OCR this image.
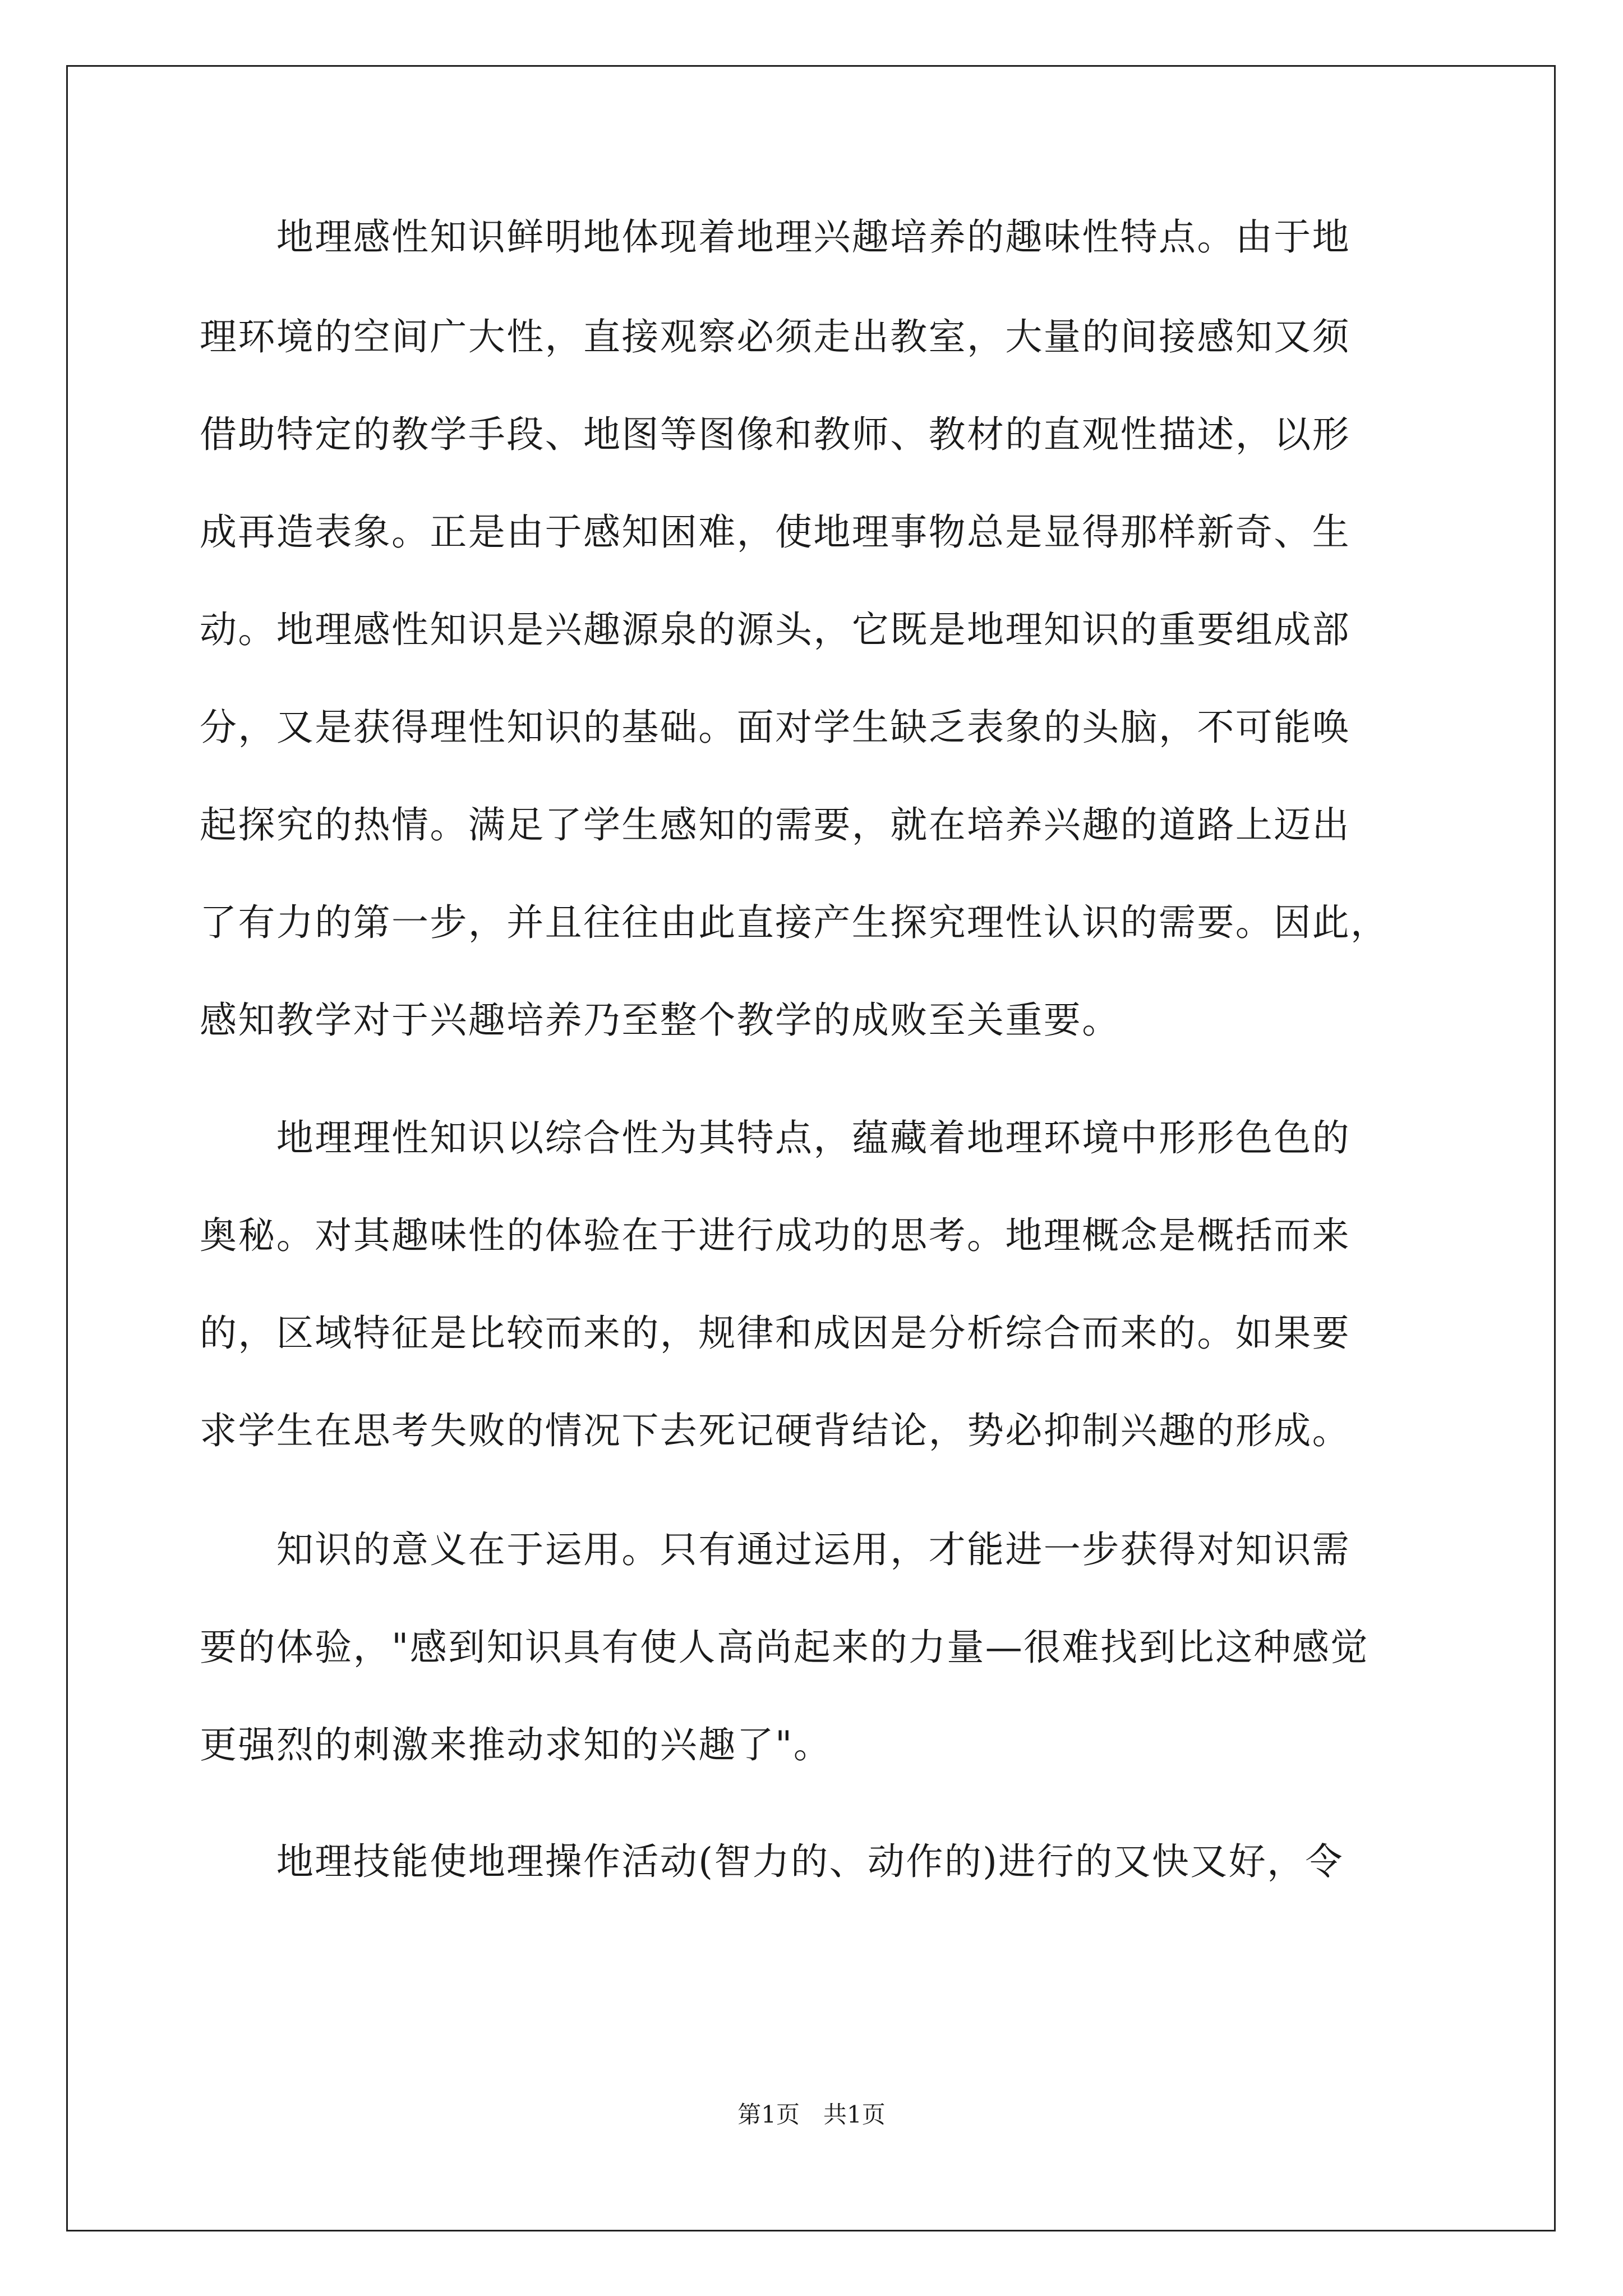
　　地理感性知识鲜明地体现着地理兴趣培养的趣味性特点。由于地
理环境的空间广大性，直接观察必须走出教室，大量的间接感知又须
借助特定的教学手段、地图等图像和教师、教材的直观性描述，以形
成再造表象。正是由于感知困难，使地理事物总是显得那样新奇、生
动。地理感性知识是兴趣源泉的源头，它既是地理知识的重要组成部
分，又是获得理性知识的基础。面对学生缺乏表象的头脑，不可能唤
起探究的热情。满足了学生感知的需要，就在培养兴趣的道路上迈出
了有力的第一步，并且往往由此直接产生探究理性认识的需要。因此，
感知教学对于兴趣培养乃至整个教学的成败至关重要。
　　地理理性知识以综合性为其特点，蕴藏着地理环境中形形色色的
奥秘。对其趣味性的体验在于进行成功的思考。地理概念是概括而来
的，区域特征是比较而来的，规律和成因是分析综合而来的。如果要
求学生在思考失败的情况下去死记硬背结论，势必抑制兴趣的形成。
　　知识的意义在于运用。只有通过运用，才能进一步获得对知识需
要的体验，"感到知识具有使人高尚起来的力量—很难找到比这种感觉
更强烈的刺激来推动求知的兴趣了"。
　　地理技能使地理操作活动(智力的、动作的)进行的又快又好，令
第1页　共1页
